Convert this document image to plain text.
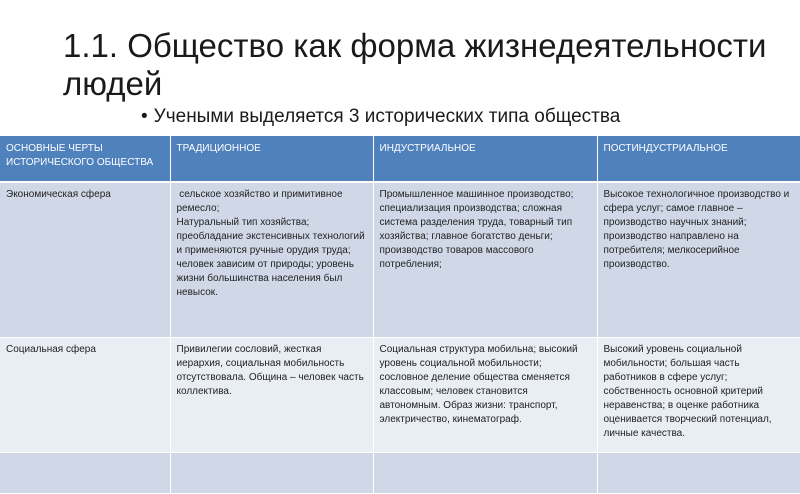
1.1. Общество как форма жизнедеятельности людей
• Учеными выделяется 3 исторических типа общества
ОСНОВНЫЕ ЧЕРТЫ ИСТОРИЧЕСКОГО ОБЩЕСТВА	ТРАДИЦИОННОЕ	ИНДУСТРИАЛЬНОЕ	ПОСТИНДУСТРИАЛЬНОЕ
Экономическая сфера	сельское хозяйство и примитивное ремесло;
Натуральный тип хозяйства; преобладание экстенсивных технологий и применяются ручные орудия труда;
человек зависим от природы; уровень жизни большинства населения был невысок.	Промышленное машинное производство; специализация производства; сложная система разделения труда, товарный тип хозяйства; главное богатство деньги; производство товаров массового потребления;	Высокое технологичное производство и сфера услуг; самое главное – производство научных знаний; производство направлено на потребителя; мелкосерийное производство.
Социальная сфера	Привилегии сословий, жесткая иерархия, социальная мобильность отсутствовала. Община – человек часть коллектива.	Социальная структура мобильна; высокий уровень социальной мобильности; сословное деление общества сменяется классовым; человек становится автономным. Образ жизни: транспорт, электричество, кинематограф.	Высокий уровень социальной мобильности; большая часть работников в сфере услуг; собственность основной критерий неравенства; в оценке работника оценивается творческий потенциал, личные качества.
